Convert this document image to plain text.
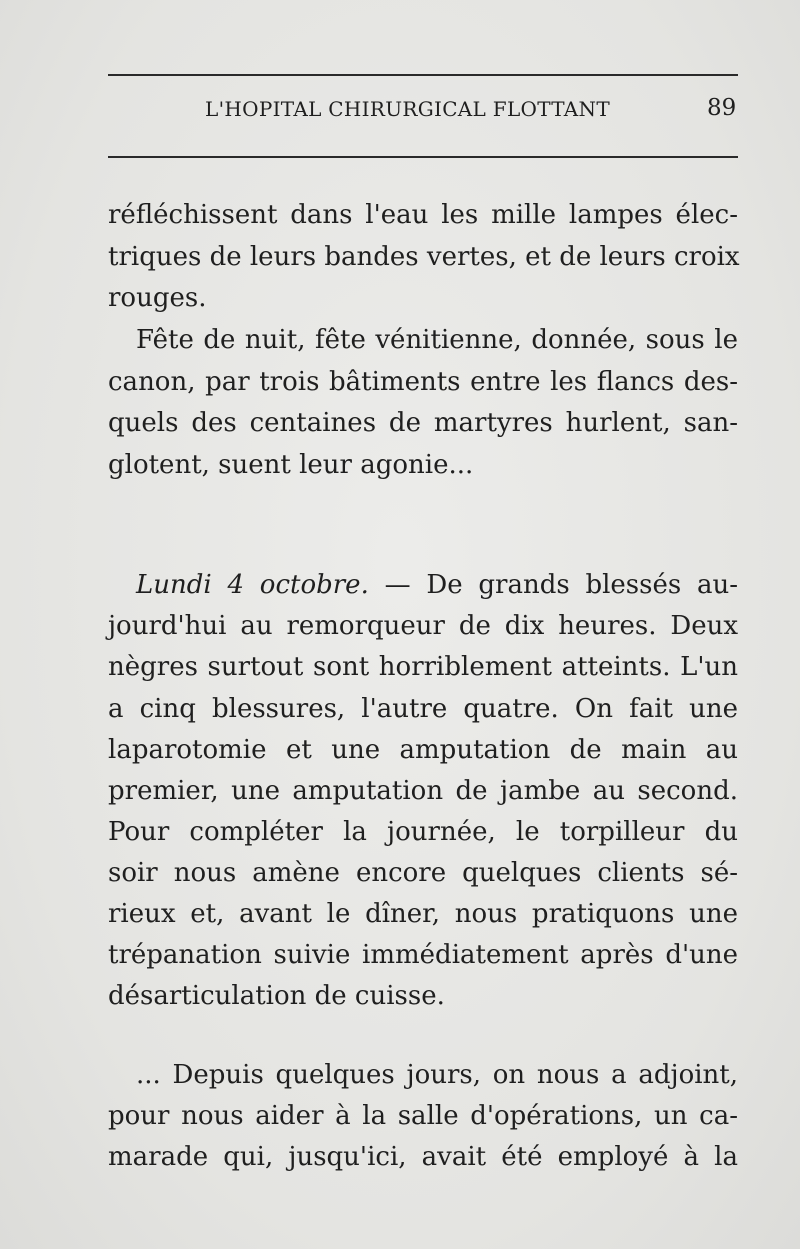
L'HOPITAL CHIRURGICAL FLOTTANT	89
réfléchissent dans l'eau les mille lampes élec-
triques de leurs bandes vertes, et de leurs croix
rouges.
Fête de nuit, fête vénitienne, donnée, sous le
canon, par trois bâtiments entre les flancs des-
quels des centaines de martyres hurlent, san-
glotent, suent leur agonie...
Lundi 4 octobre. — De grands blessés au-
jourd'hui au remorqueur de dix heures. Deux
nègres surtout sont horriblement atteints. L'un
a cinq blessures, l'autre quatre. On fait une
laparotomie et une amputation de main au
premier, une amputation de jambe au second.
Pour compléter la journée, le torpilleur du
soir nous amène encore quelques clients sé-
rieux et, avant le dîner, nous pratiquons une
trépanation suivie immédiatement après d'une
désarticulation de cuisse.
... Depuis quelques jours, on nous a adjoint,
pour nous aider à la salle d'opérations, un ca-
marade qui, jusqu'ici, avait été employé à la
